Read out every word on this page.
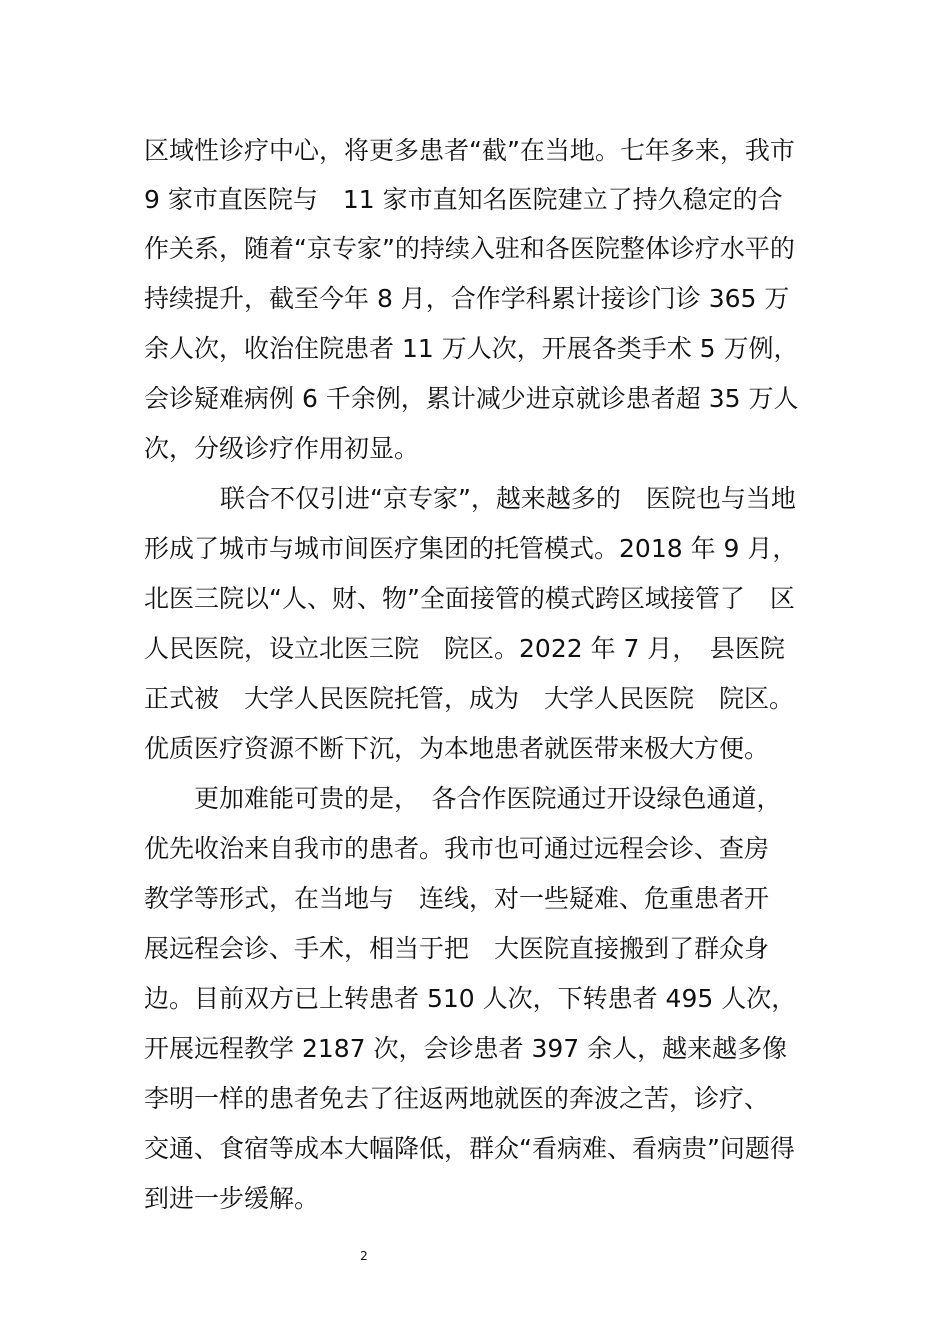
区域性诊疗中心，将更多患者“截”在当地。七年多来，我市
9 家市直医院与　11 家市直知名医院建立了持久稳定的合
作关系，随着“京专家”的持续入驻和各医院整体诊疗水平的
持续提升，截至今年 8 月，合作学科累计接诊门诊 365 万
余人次，收治住院患者 11 万人次，开展各类手术 5 万例，
会诊疑难病例 6 千余例，累计减少进京就诊患者超 35 万人
次，分级诊疗作用初显。
联合不仅引进“京专家”，越来越多的　医院也与当地
形成了城市与城市间医疗集团的托管模式。2018 年 9 月，
北医三院以“人、财、物”全面接管的模式跨区域接管了　区
人民医院，设立北医三院　院区。2022 年 7 月，　县医院
正式被　大学人民医院托管，成为　大学人民医院　院区。
优质医疗资源不断下沉，为本地患者就医带来极大方便。
更加难能可贵的是，　各合作医院通过开设绿色通道，
优先收治来自我市的患者。我市也可通过远程会诊、查房
教学等形式，在当地与　连线，对一些疑难、危重患者开
展远程会诊、手术，相当于把　大医院直接搬到了群众身
边。目前双方已上转患者 510 人次，下转患者 495 人次，
开展远程教学 2187 次，会诊患者 397 余人，越来越多像
李明一样的患者免去了往返两地就医的奔波之苦，诊疗、
交通、食宿等成本大幅降低，群众“看病难、看病贵”问题得
到进一步缓解。
2
